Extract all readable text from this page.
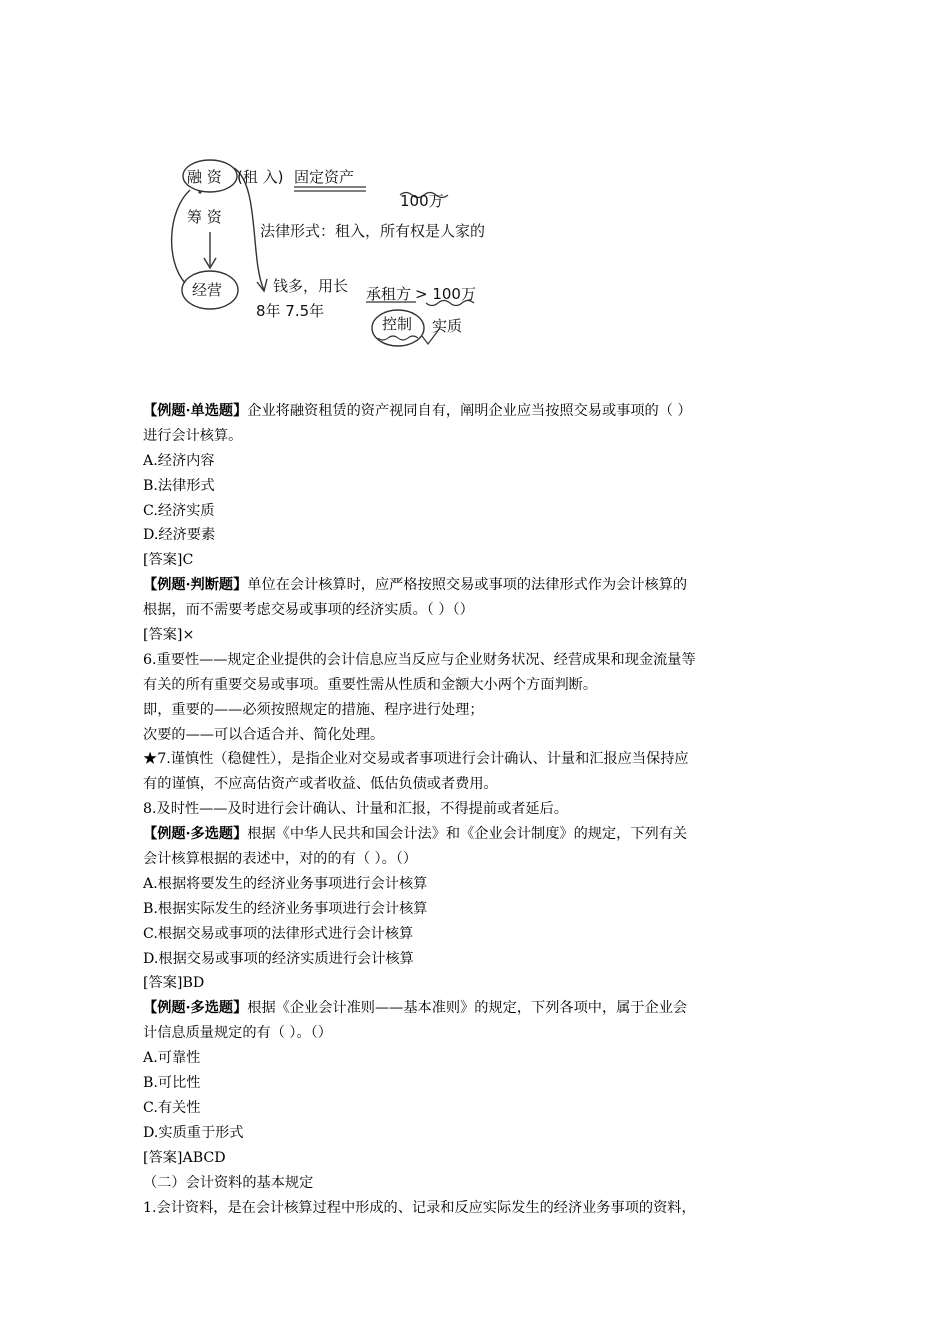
融 资 (租 入) 固定资产
100万
筹 资
法律形式：租入，所有权是人家的
经营	钱多，用长
8年 7.5年
承租方 > 100万
控制 实质
【例题·单选题】企业将融资租赁的资产视同自有，阐明企业应当按照交易或事项的（ ）
进行会计核算。
A.经济内容
B.法律形式
C.经济实质
D.经济要素
[答案]C
【例题·判断题】单位在会计核算时，应严格按照交易或事项的法律形式作为会计核算的
根据，而不需要考虑交易或事项的经济实质。（ ）（）
[答案]×
6.重要性——规定企业提供的会计信息应当反应与企业财务状况、经营成果和现金流量等
有关的所有重要交易或事项。重要性需从性质和金额大小两个方面判断。
即，重要的——必须按照规定的措施、程序进行处理；
次要的——可以合适合并、简化处理。
★7.谨慎性（稳健性），是指企业对交易或者事项进行会计确认、计量和汇报应当保持应
有的谨慎，不应高估资产或者收益、低估负债或者费用。
8.及时性——及时进行会计确认、计量和汇报，不得提前或者延后。
【例题·多选题】根据《中华人民共和国会计法》和《企业会计制度》的规定，下列有关
会计核算根据的表述中，对的的有（ ）。（）
A.根据将要发生的经济业务事项进行会计核算
B.根据实际发生的经济业务事项进行会计核算
C.根据交易或事项的法律形式进行会计核算
D.根据交易或事项的经济实质进行会计核算
[答案]BD
【例题·多选题】根据《企业会计准则——基本准则》的规定，下列各项中，属于企业会
计信息质量规定的有（ ）。（）
A.可靠性
B.可比性
C.有关性
D.实质重于形式
[答案]ABCD
（二）会计资料的基本规定
1.会计资料，是在会计核算过程中形成的、记录和反应实际发生的经济业务事项的资料，
